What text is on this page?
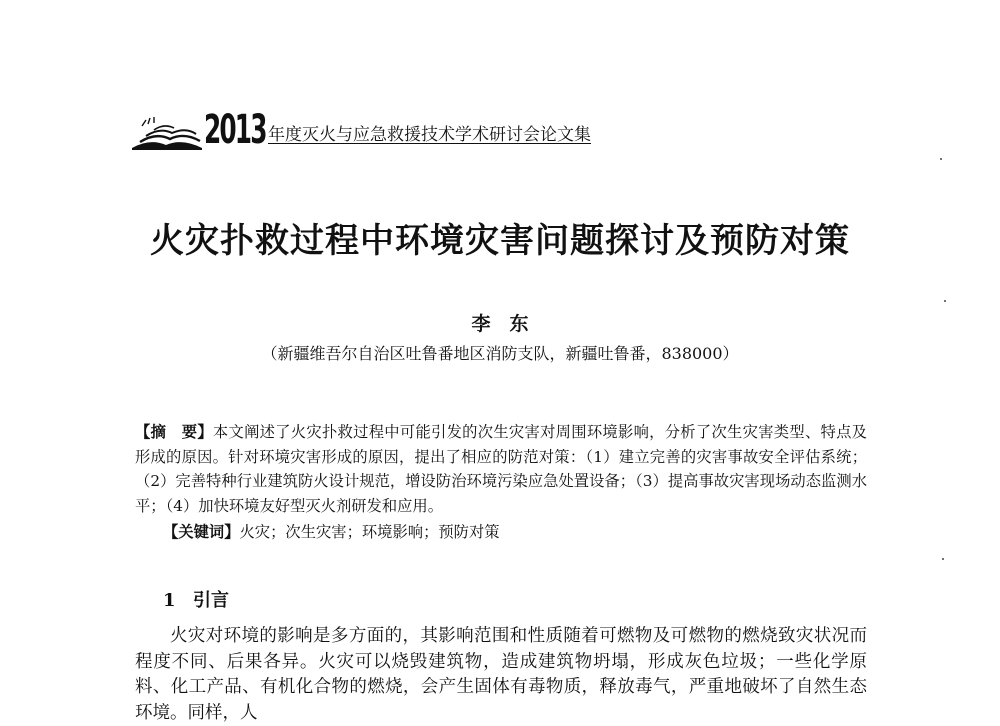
2013 年度灭火与应急救援技术学术研讨会论文集
火灾扑救过程中环境灾害问题探讨及预防对策
李　东
（新疆维吾尔自治区吐鲁番地区消防支队，新疆吐鲁番，838000）
【摘　要】本文阐述了火灾扑救过程中可能引发的次生灾害对周围环境影响，分析了次生灾害类型、特点及形成的原因。针对环境灾害形成的原因，提出了相应的防范对策：（1）建立完善的灾害事故安全评估系统；（2）完善特种行业建筑防火设计规范，增设防治环境污染应急处置设备；（3）提高事故灾害现场动态监测水平；（4）加快环境友好型灭火剂研发和应用。
【关键词】火灾；次生灾害；环境影响；预防对策
1 引言
火灾对环境的影响是多方面的，其影响范围和性质随着可燃物及可燃物的燃烧致灾状况而程度不同、后果各异。火灾可以烧毁建筑物，造成建筑物坍塌，形成灰色垃圾；一些化学原料、化工产品、有机化合物的燃烧，会产生固体有毒物质，释放毒气，严重地破坏了自然生态环境。同样，人
